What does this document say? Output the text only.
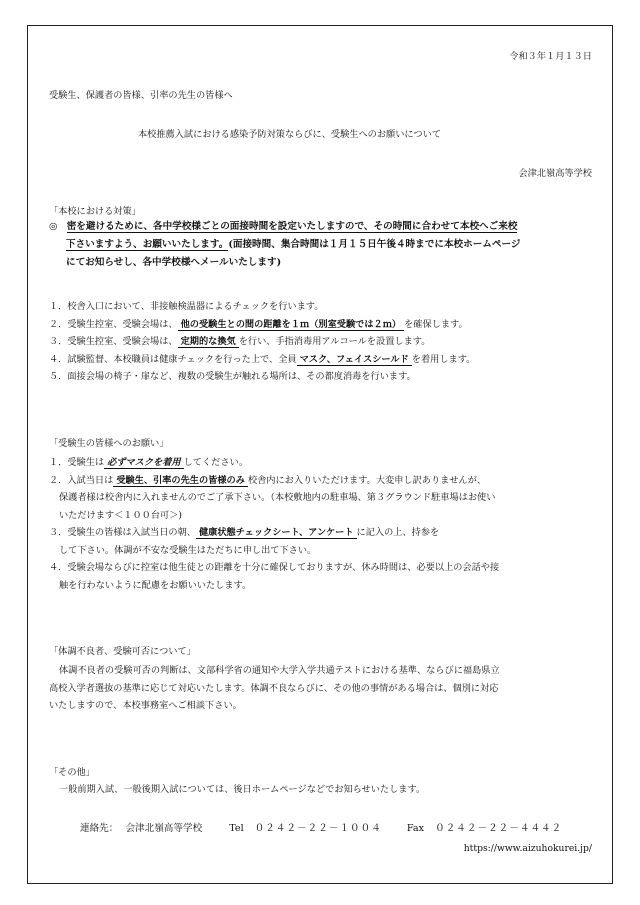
令和３年１月１３日
受験生、保護者の皆様、引率の先生の皆様へ
本校推薦入試における感染予防対策ならびに、受験生へのお願いについて
会津北嶺高等学校
「本校における対策」
◎ 密を避けるために、各中学校様ごとの面接時間を設定いたしますので、その時間に合わせて本校へご来校
下さいますよう、お願いいたします。(面接時間、集合時間は１月１５日午後４時までに本校ホームページ
にてお知らせし、各中学校様へメールいたします)
１．校舎入口において、非接触検温器によるチェックを行います。
２．受験生控室、受験会場は、 他の受験生との間の距離を１ｍ（別室受験では２ｍ） を確保します。
３．受験生控室、受験会場は、 定期的な換気 を行い、手指消毒用アルコールを設置します。
４．試験監督、本校職員は健康チェックを行った上で、全員 マスク、フェイスシールド を着用します。
５．面接会場の椅子・扉など、複数の受験生が触れる場所は、その都度消毒を行います。
「受験生の皆様へのお願い」
１．受験生は 必ずマスクを着用 してください。
２．入試当日は 受験生、引率の先生の皆様のみ 校舎内にお入りいただけます。大変申し訳ありませんが、
保護者様は校舎内に入れませんのでご了承下さい。（本校敷地内の駐車場、第３グラウンド駐車場はお使い
いただけます＜１００台可＞)
３．受験生の皆様は入試当日の朝、 健康状態チェックシート、アンケート に記入の上、持参を
して下さい。体調が不安な受験生はただちに申し出て下さい。
４．受験会場ならびに控室は他生徒との距離を十分に確保しておりますが、休み時間は、必要以上の会話や接
触を行わないように配慮をお願いいたします。
「体調不良者、受験可否について」
体調不良者の受験可否の判断は、文部科学省の通知や大学入学共通テストにおける基準、ならびに福島県立
高校入学者選抜の基準に応じて対応いたします。体調不良ならびに、その他の事情がある場合は、個別に対応
いたしますので、本校事務室へご相談下さい。
「その他」
一般前期入試、一般後期入試については、後日ホームページなどでお知らせいたします。
連絡先： 会津北嶺高等学校	Tel ０２４２－２２－１００４	Fax ０２４２－２２－４４４２
https://www.aizuhokurei.jp/
